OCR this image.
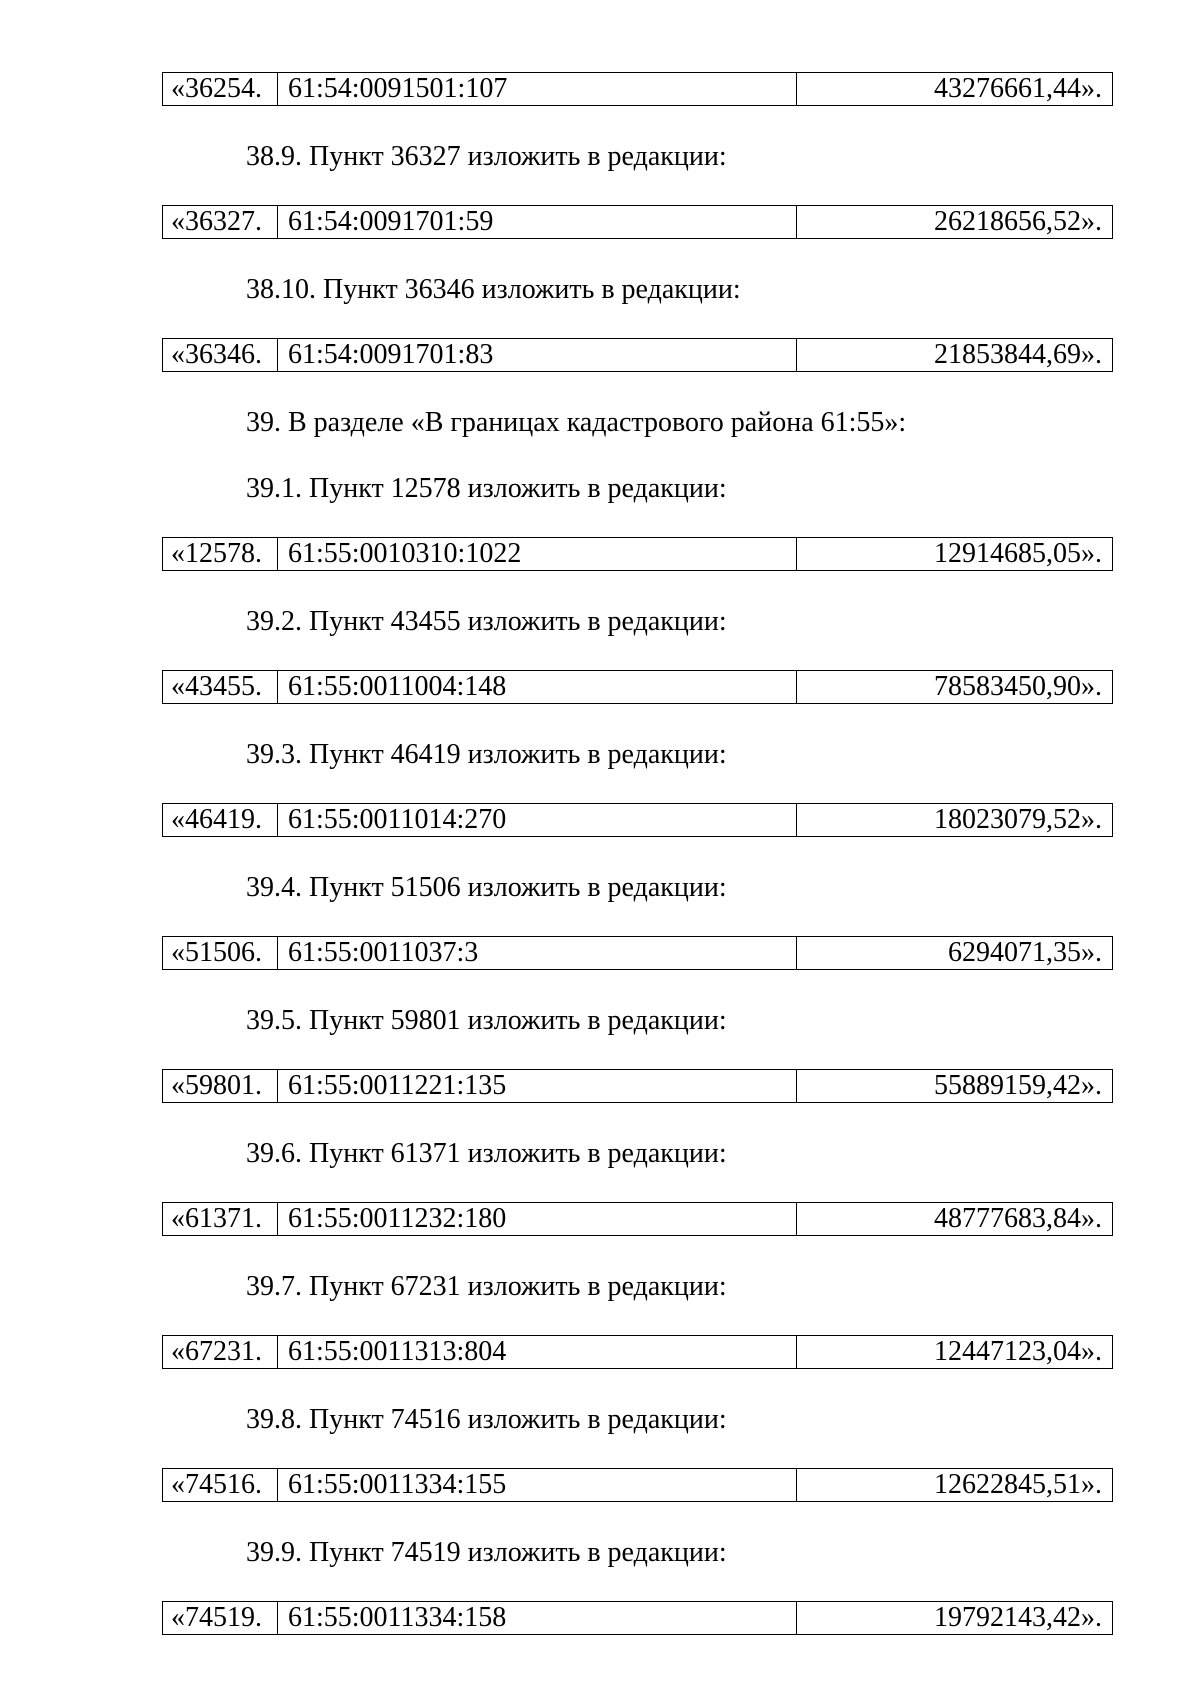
«36254. 61:54:0091501:107	43276661,44».
38.9. Пункт 36327 изложить в редакции:
«36327. 61:54:0091701:59	26218656,52».
38.10. Пункт 36346 изложить в редакции:
«36346. 61:54:0091701:83	21853844,69».
39. В разделе «В границах кадастрового района 61:55»:
39.1. Пункт 12578 изложить в редакции:
«12578. 61:55:0010310:1022	12914685,05».
39.2. Пункт 43455 изложить в редакции:
«43455. 61:55:0011004:148	78583450,90».
39.3. Пункт 46419 изложить в редакции:
«46419. 61:55:0011014:270	18023079,52».
39.4. Пункт 51506 изложить в редакции:
«51506. 61:55:0011037:3	6294071,35».
39.5. Пункт 59801 изложить в редакции:
«59801. 61:55:0011221:135	55889159,42».
39.6. Пункт 61371 изложить в редакции:
«61371. 61:55:0011232:180	48777683,84».
39.7. Пункт 67231 изложить в редакции:
«67231. 61:55:0011313:804	12447123,04».
39.8. Пункт 74516 изложить в редакции:
«74516. 61:55:0011334:155	12622845,51».
39.9. Пункт 74519 изложить в редакции:
«74519. 61:55:0011334:158	19792143,42».
